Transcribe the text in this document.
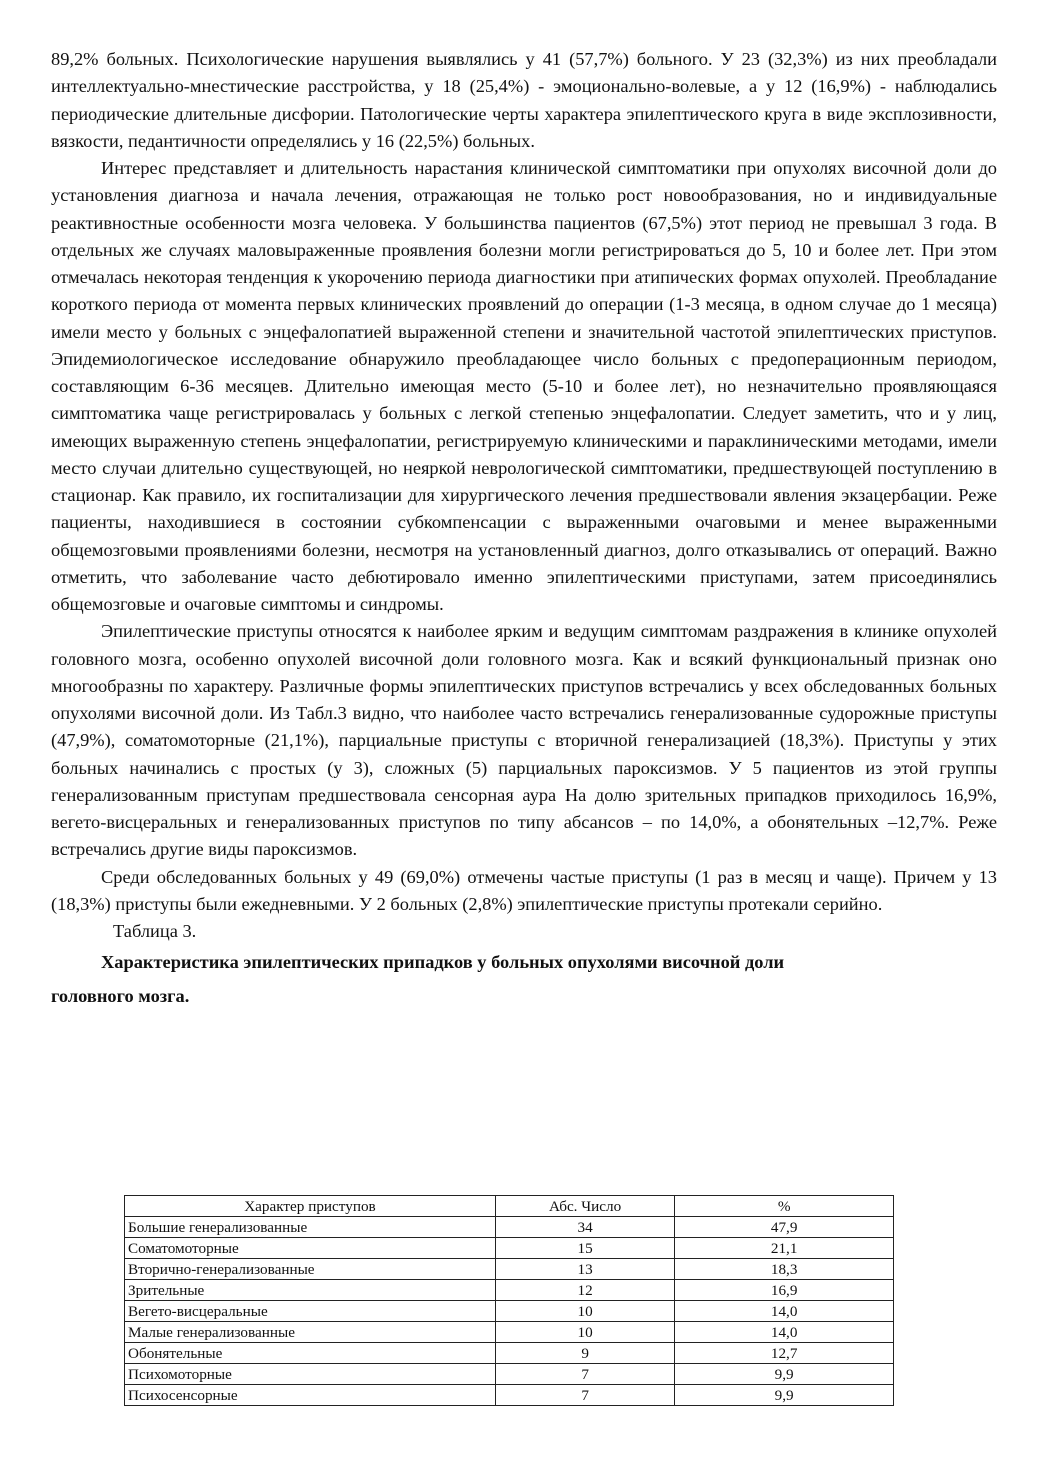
89,2% больных. Психологические нарушения выявлялись у 41 (57,7%) больного. У 23 (32,3%) из них преобладали интеллектуально-мнестические расстройства, у 18 (25,4%) - эмоционально-волевые, а у 12 (16,9%) - наблюдались периодические длительные дисфории. Патологические черты характера эпилептического круга в виде эксплозивности, вязкости, педантичности определялись у 16 (22,5%) больных.

Интерес представляет и длительность нарастания клинической симптоматики при опухолях височной доли до установления диагноза и начала лечения, отражающая не только рост новообразования, но и индивидуальные реактивностные особенности мозга человека. У большинства пациентов (67,5%) этот период не превышал 3 года. В отдельных же случаях маловыраженные проявления болезни могли регистрироваться до 5, 10 и более лет. При этом отмечалась некоторая тенденция к укорочению периода диагностики при атипических формах опухолей. Преобладание короткого периода от момента первых клинических проявлений до операции (1-3 месяца, в одном случае до 1 месяца) имели место у больных с энцефалопатией выраженной степени и значительной частотой эпилептических приступов. Эпидемиологическое исследование обнаружило преобладающее число больных с предоперационным периодом, составляющим 6-36 месяцев. Длительно имеющая место (5-10 и более лет), но незначительно проявляющаяся симптоматика чаще регистрировалась у больных с легкой степенью энцефалопатии. Следует заметить, что и у лиц, имеющих выраженную степень энцефалопатии, регистрируемую клиническими и параклиническими методами, имели место случаи длительно существующей, но неяркой неврологической симптоматики, предшествующей поступлению в стационар. Как правило, их госпитализации для хирургического лечения предшествовали явления экзацербации. Реже пациенты, находившиеся в состоянии субкомпенсации с выраженными очаговыми и менее выраженными общемозговыми проявлениями болезни, несмотря на установленный диагноз, долго отказывались от операций. Важно отметить, что заболевание часто дебютировало именно эпилептическими приступами, затем присоединялись общемозговые и очаговые симптомы и синдромы.

Эпилептические приступы относятся к наиболее ярким и ведущим симптомам раздражения в клинике опухолей головного мозга, особенно опухолей височной доли головного мозга. Как и всякий функциональный признак оно многообразны по характеру. Различные формы эпилептических приступов встречались у всех обследованных больных опухолями височной доли. Из Табл.3 видно, что наиболее часто встречались генерализованные судорожные приступы (47,9%), соматомоторные (21,1%), парциальные приступы с вторичной генерализацией (18,3%). Приступы у этих больных начинались с простых (у 3), сложных (5) парциальных пароксизмов. У 5 пациентов из этой группы генерализованным приступам предшествовала сенсорная аура На долю зрительных припадков приходилось 16,9%, вегето-висцеральных и генерализованных приступов по типу абсансов – по 14,0%, а обонятельных –12,7%. Реже встречались другие виды пароксизмов.

Среди обследованных больных у 49 (69,0%) отмечены частые приступы (1 раз в месяц и чаще). Причем у 13 (18,3%) приступы были ежедневными. У 2 больных (2,8%) эпилептические приступы протекали серийно.

Таблица 3.

Характеристика эпилептических припадков у больных опухолями височной доли
головного мозга.
Характер приступов	Абс. Число	%
Большие генерализованные	34	47,9
Соматомоторные	15	21,1
Вторично-генерализованные	13	18,3
Зрительные	12	16,9
Вегето-висцеральные	10	14,0
Малые генерализованные	10	14,0
Обонятельные	9	12,7
Психомоторные	7	9,9
Психосенсорные	7	9,9
